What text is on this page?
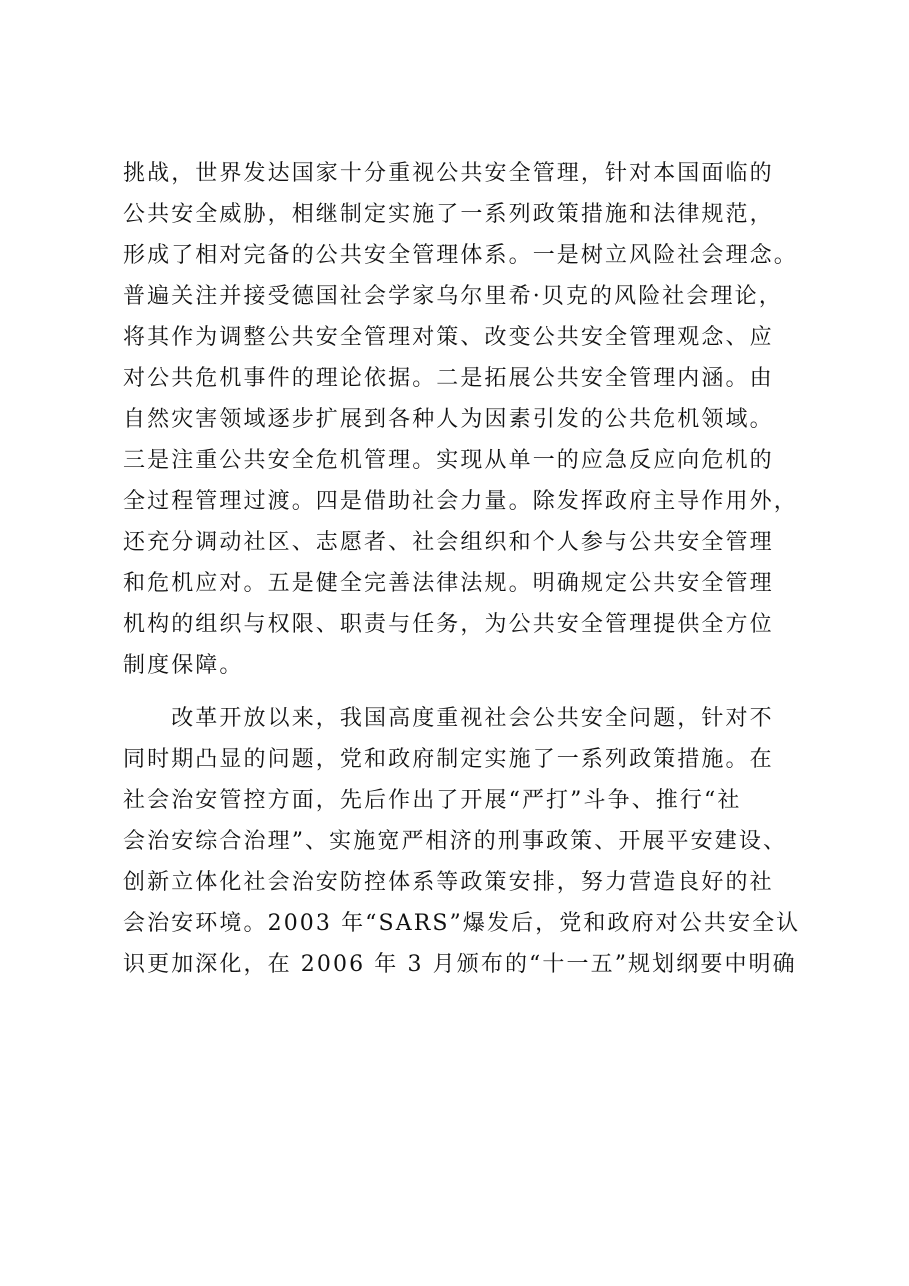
挑战，世界发达国家十分重视公共安全管理，针对本国面临的
公共安全威胁，相继制定实施了一系列政策措施和法律规范，
形成了相对完备的公共安全管理体系。一是树立风险社会理念。
普遍关注并接受德国社会学家乌尔里希·贝克的风险社会理论，
将其作为调整公共安全管理对策、改变公共安全管理观念、应
对公共危机事件的理论依据。二是拓展公共安全管理内涵。由
自然灾害领域逐步扩展到各种人为因素引发的公共危机领域。
三是注重公共安全危机管理。实现从单一的应急反应向危机的
全过程管理过渡。四是借助社会力量。除发挥政府主导作用外，
还充分调动社区、志愿者、社会组织和个人参与公共安全管理
和危机应对。五是健全完善法律法规。明确规定公共安全管理
机构的组织与权限、职责与任务，为公共安全管理提供全方位
制度保障。
　　改革开放以来，我国高度重视社会公共安全问题，针对不
同时期凸显的问题，党和政府制定实施了一系列政策措施。在
社会治安管控方面，先后作出了开展“严打”斗争、推行“社
会治安综合治理”、实施宽严相济的刑事政策、开展平安建设、
创新立体化社会治安防控体系等政策安排，努力营造良好的社
会治安环境。2003 年“SARS”爆发后，党和政府对公共安全认
识更加深化，在 2006 年 3 月颁布的“十一五”规划纲要中明确
